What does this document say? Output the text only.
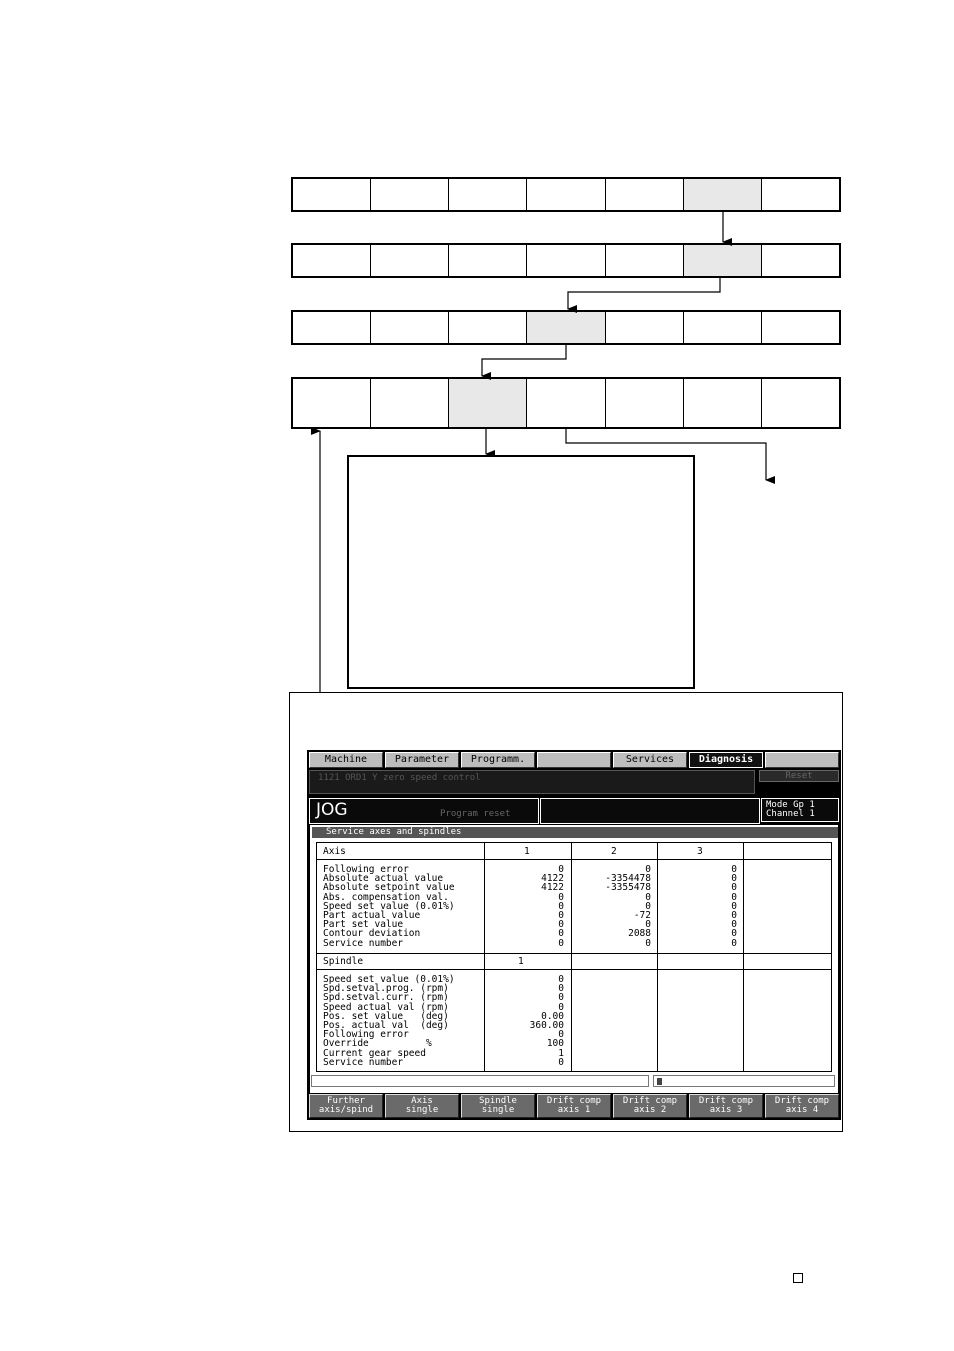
Machine	Parameter	Programm.	Services	Diagnosis
1121 ORD1 Y zero speed control	Reset
JOG	Program reset
Mode Gp 1
Channel 1
Service axes and spindles
Axis	1	2	3
Following error	0	0	0
Absolute actual value	4122	-3354478	0
Absolute setpoint value	4122	-3355478	0
Abs. compensation val.	0	0	0
Speed set value (0.01%)	0	0	0
Part actual value	0	-72	0
Part set value	0	0	0
Contour deviation	0	2088	0
Service number	0	0	0
Spindle	1
Speed set value (0.01%)	0
Spd.setval.prog. (rpm)	0
Spd.setval.curr. (rpm)	0
Speed actual val (rpm)	0
Pos. set value   (deg)	0.00
Pos. actual val  (deg)	360.00
Following error	0
Override          %	100
Current gear speed	1
Service number	0
Further
axis/spind
Axis
single
Spindle
single
Drift comp
axis 1
Drift comp
axis 2
Drift comp
axis 3
Drift comp
axis 4
